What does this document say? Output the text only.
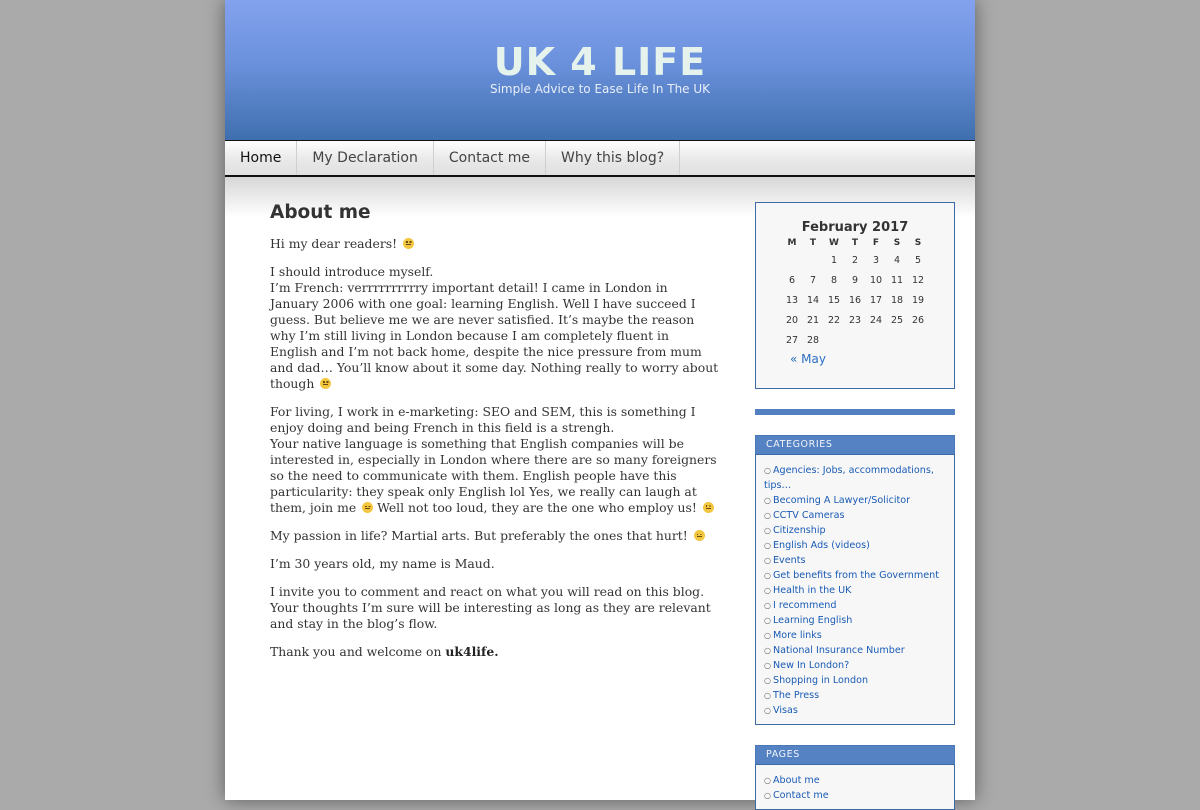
UK 4 LIFE
Simple Advice to Ease Life In The UK
Home	My Declaration	Contact me	Why this blog?
About me

Hi my dear readers!

I should introduce myself.
I’m French: verrrrrrrrrry important detail! I came in London in January 2006 with one goal: learning English. Well I have succeed I guess. But believe me we are never satisfied. It’s maybe the reason why I’m still living in London because I am completely fluent in English and I’m not back home, despite the nice pressure from mum and dad… You’ll know about it some day. Nothing really to worry about though

For living, I work in e-marketing: SEO and SEM, this is something I enjoy doing and being French in this field is a strengh.
Your native language is something that English companies will be interested in, especially in London where there are so many foreigners so the need to communicate with them. English people have this particularity: they speak only English lol Yes, we really can laugh at them, join me Well not too loud, they are the one who employ us!

My passion in life? Martial arts. But preferably the ones that hurt!

I’m 30 years old, my name is Maud.

I invite you to comment and react on what you will read on this blog. Your thoughts I’m sure will be interesting as long as they are relevant and stay in the blog’s flow.

Thank you and welcome on uk4life.

February 2017
M	T	W	T	F	S	S
		1	2	3	4	5
6	7	8	9	10	11	12
13	14	15	16	17	18	19
20	21	22	23	24	25	26
27	28					
« May
CATEGORIES
○ Agencies: Jobs, accommodations, tips…
○ Becoming A Lawyer/Solicitor
○ CCTV Cameras
○ Citizenship
○ English Ads (videos)
○ Events
○ Get benefits from the Government
○ Health in the UK
○ I recommend
○ Learning English
○ More links
○ National Insurance Number
○ New In London?
○ Shopping in London
○ The Press
○ Visas
PAGES
○ About me
○ Contact me
